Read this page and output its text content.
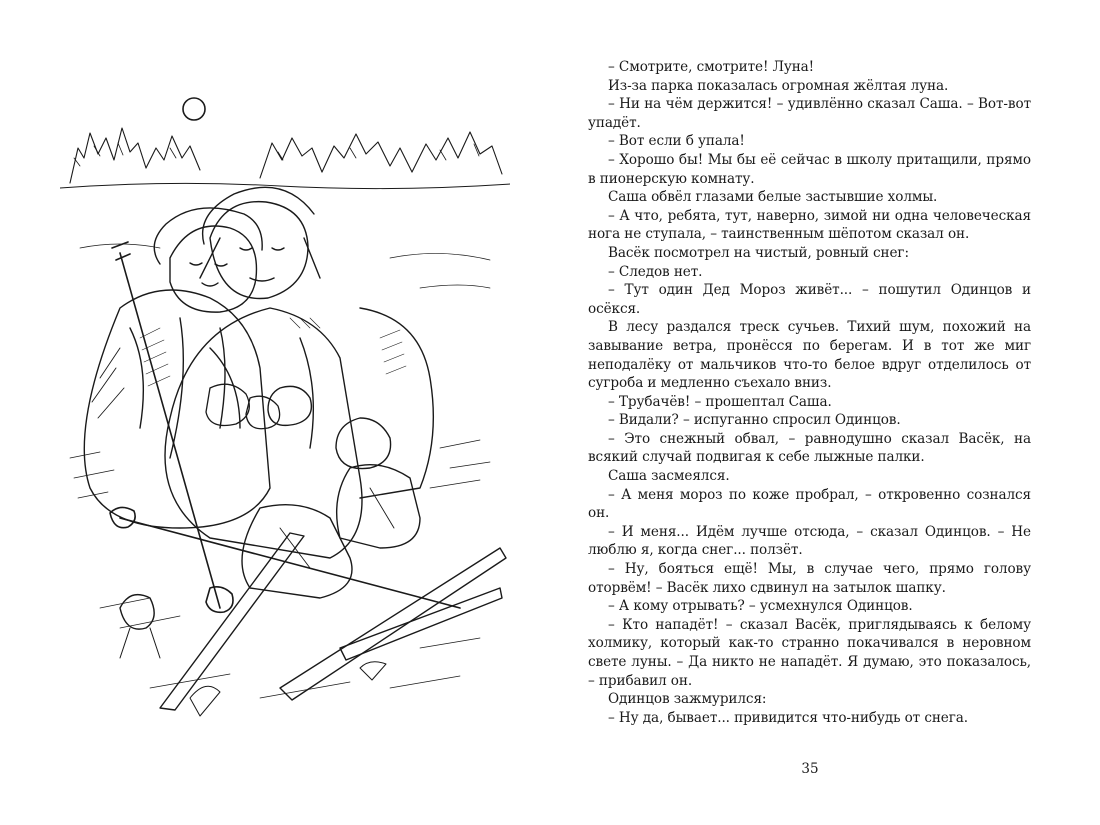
– Смотрите, смотрите! Луна!

Из-за парка показалась огромная жёлтая луна.

– Ни на чём держится! – удивлённо сказал Саша. – Вот-вот упадёт.

– Вот если б упала!

– Хорошо бы! Мы бы её сейчас в школу притащили, прямо в пионерскую комнату.

Саша обвёл глазами белые застывшие холмы.

– А что, ребята, тут, наверно, зимой ни одна человеческая нога не ступала, – таинственным шёпотом сказал он.

Васёк посмотрел на чистый, ровный снег:

– Следов нет.

– Тут один Дед Мороз живёт... – пошутил Одинцов и осёкся.

В лесу раздался треск сучьев. Тихий шум, похожий на завывание ветра, пронёсся по берегам. И в тот же миг неподалёку от мальчиков что-то белое вдруг отделилось от сугроба и медленно съехало вниз.

– Трубачёв! – прошептал Саша.

– Видали? – испуганно спросил Одинцов.

– Это снежный обвал, – равнодушно сказал Васёк, на всякий случай подвигая к себе лыжные палки.

Саша засмеялся.

– А меня мороз по коже пробрал, – откровенно сознался он.

– И меня... Идём лучше отсюда, – сказал Одинцов. – Не люблю я, когда снег... ползёт.

– Ну, бояться ещё! Мы, в случае чего, прямо голову оторвём! – Васёк лихо сдвинул на затылок шапку.

– А кому отрывать? – усмехнулся Одинцов.

– Кто нападёт! – сказал Васёк, приглядываясь к белому холмику, который как-то странно покачивался в неровном свете луны. – Да никто не нападёт. Я думаю, это показалось, – прибавил он.

Одинцов зажмурился:

– Ну да, бывает... привидится что-нибудь от снега.

35
